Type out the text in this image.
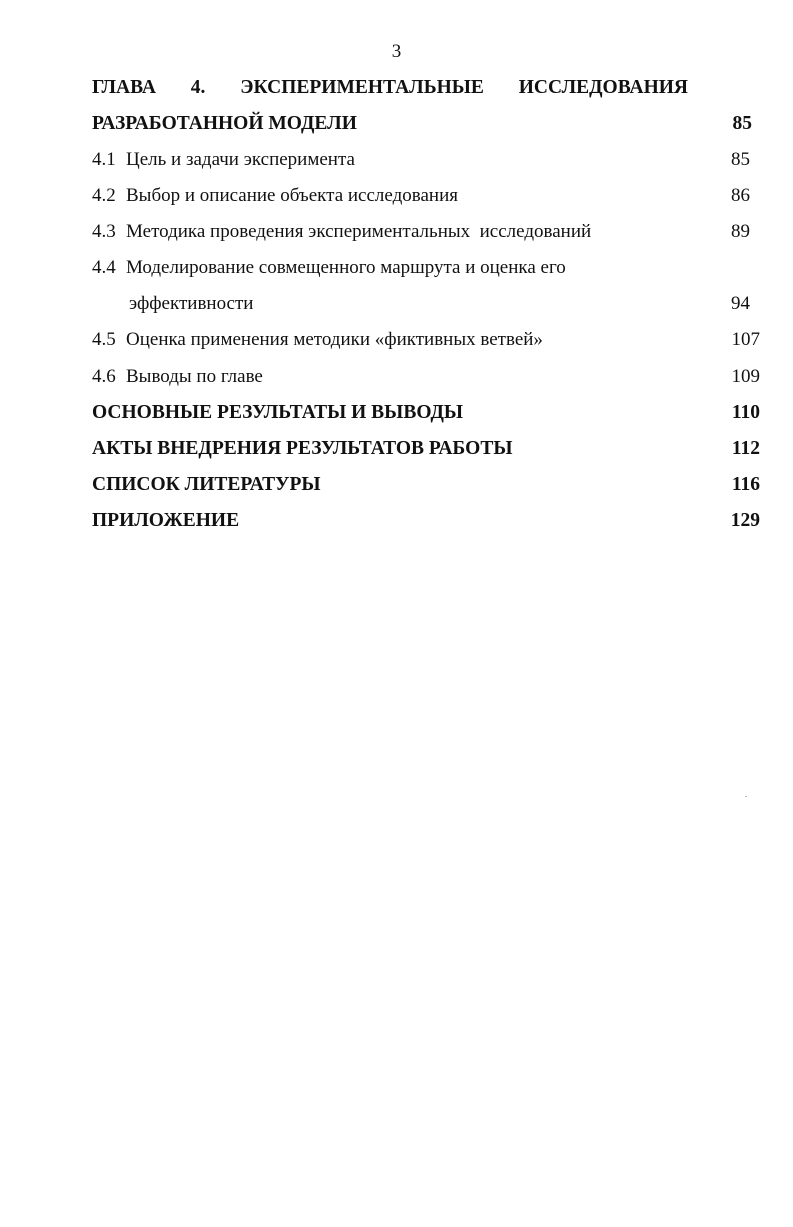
3
ГЛАВА 4. ЭКСПЕРИМЕНТАЛЬНЫЕ ИССЛЕДОВАНИЯ
РАЗРАБОТАННОЙ МОДЕЛИ	85
4.1 Цель и задачи эксперимента	85
4.2 Выбор и описание объекта исследования	86
4.3 Методика проведения экспериментальных  исследований	89
4.4 Моделирование совмещенного маршрута и оценка его
эффективности	94
4.5 Оценка применения методики «фиктивных ветвей»	107
4.6 Выводы по главе	109
ОСНОВНЫЕ РЕЗУЛЬТАТЫ И ВЫВОДЫ	110
АКТЫ ВНЕДРЕНИЯ РЕЗУЛЬТАТОВ РАБОТЫ	112
СПИСОК ЛИТЕРАТУРЫ	116
ПРИЛОЖЕНИЕ	129
